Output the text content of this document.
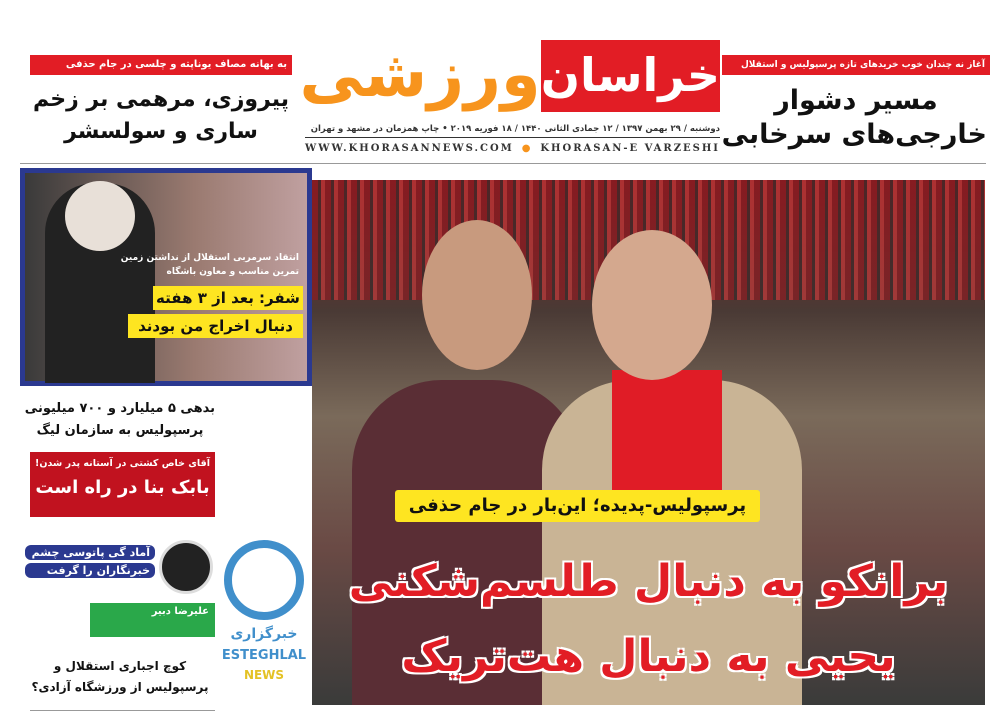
به بهانه مصاف یوناپته و چلسی در جام حذفی
پیروزی، مرهمی بر زخم
ساری و سولسشر
آغاز نه چندان خوب خریدهای تازه پرسپولیس و استقلال
مسیر دشوار
خارجی‌های سرخابی
خراسان
ورزشی
دوشنبه / ۲۹ بهمن ۱۳۹۷ / ۱۲ جمادی الثانی ۱۴۴۰ / ۱۸ فوریه ۲۰۱۹ • چاپ همزمان در مشهد و تهران
WWW.KHORASANNEWS.COM ● KHORASAN-E VARZESHI
پرسپولیس-پدیده؛ این‌بار در جام حذفی
برانکو به دنبال طلسم‌شکنی
یحیی به دنبال هت‌تریک
انتقاد سرمربی استقلال از نداشتن زمین
تمرین مناسب و معاون باشگاه
شفر: بعد از ۳ هفته
دنبال اخراج من بودند
بدهی ۵ میلیارد و ۷۰۰ میلیونی
پرسپولیس به سازمان لیگ
آقای خاص کشتی در آستانه پدر شدن!
بابک بنا در راه است
آماد گی پاتوسی چشم
خبرنگاران را گرفت
علیرضا دبیر
کوچ اجباری استقلال و
پرسپولیس از ورزشگاه آزادی؟
خبرگزاری
ESTEGHLAL
NEWS
